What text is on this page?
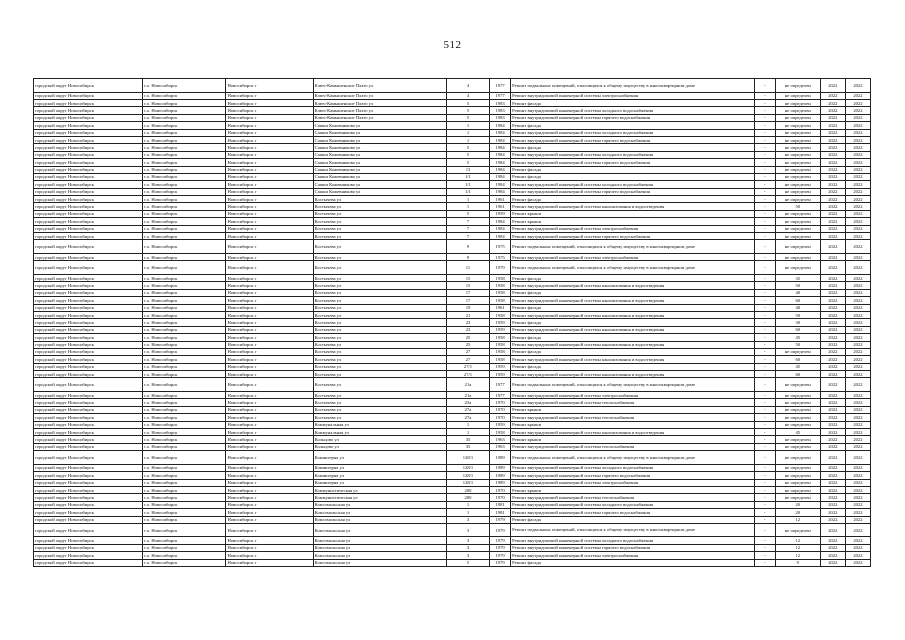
512
городской округ Новосибирск	г.о. Новосибирск	Новосибирск г	Ключ-Камышенское Плато ул	4	1977	Ремонт подвальных помещений, относящихся к общему имуществу в многоквартирном доме	-	не определен	2022	2022
городской округ Новосибирск	г.о. Новосибирск	Новосибирск г	Ключ-Камышенское Плато ул	4	1977	Ремонт внутридомовой инженерной системы электроснабжения	-	не определен	2022	2022
городской округ Новосибирск	г.о. Новосибирск	Новосибирск г	Ключ-Камышенское Плато ул	5	1983	Ремонт фасада	-	не определен	2022	2022
городской округ Новосибирск	г.о. Новосибирск	Новосибирск г	Ключ-Камышенское Плато ул	5	1983	Ремонт внутридомовой инженерной системы холодного водоснабжения	-	не определен	2022	2022
городской округ Новосибирск	г.о. Новосибирск	Новосибирск г	Ключ-Камышенское Плато ул	5	1983	Ремонт внутридомовой инженерной системы горячего водоснабжения	-	не определен	2022	2022
городской округ Новосибирск	г.о. Новосибирск	Новосибирск г	Сашки Кожевникова ул	1	1984	Ремонт фасада	-	не определен	2022	2022
городской округ Новосибирск	г.о. Новосибирск	Новосибирск г	Сашки Кожевникова ул	1	1984	Ремонт внутридомовой инженерной системы холодного водоснабжения	-	не определен	2022	2022
городской округ Новосибирск	г.о. Новосибирск	Новосибирск г	Сашки Кожевникова ул	1	1984	Ремонт внутридомовой инженерной системы горячего водоснабжения	-	не определен	2022	2022
городской округ Новосибирск	г.о. Новосибирск	Новосибирск г	Сашки Кожевникова ул	5	1984	Ремонт фасада	-	не определен	2022	2022
городской округ Новосибирск	г.о. Новосибирск	Новосибирск г	Сашки Кожевникова ул	5	1984	Ремонт внутридомовой инженерной системы холодного водоснабжения	-	не определен	2022	2022
городской округ Новосибирск	г.о. Новосибирск	Новосибирск г	Сашки Кожевникова ул	5	1984	Ремонт внутридомовой инженерной системы горячего водоснабжения	-	не определен	2022	2022
городской округ Новосибирск	г.о. Новосибирск	Новосибирск г	Сашки Кожевникова ул	13	1984	Ремонт фасада	-	не определен	2022	2022
городской округ Новосибирск	г.о. Новосибирск	Новосибирск г	Сашки Кожевникова ул	1/1	1984	Ремонт фасада	-	не определен	2022	2022
городской округ Новосибирск	г.о. Новосибирск	Новосибирск г	Сашки Кожевникова ул	1/1	1984	Ремонт внутридомовой инженерной системы холодного водоснабжения	-	не определен	2022	2022
городской округ Новосибирск	г.о. Новосибирск	Новосибирск г	Сашки Кожевникова ул	1/1	1984	Ремонт внутридомовой инженерной системы горячего водоснабжения	-	не определен	2022	2022
городской округ Новосибирск	г.о. Новосибирск	Новосибирск г	Костычева ул	1	1961	Ремонт фасада	-	не определен	2022	2022
городской округ Новосибирск	г.о. Новосибирск	Новосибирск г	Костычева ул	1	1961	Ремонт внутридомовой инженерной системы канализования и водоотведения	-	50	2022	2022
городской округ Новосибирск	г.о. Новосибирск	Новосибирск г	Костычева ул	5	1959	Ремонт крыши	-	не определен	2022	2022
городской округ Новосибирск	г.о. Новосибирск	Новосибирск г	Костычева ул	7	1984	Ремонт крыши	-	не определен	2022	2022
городской округ Новосибирск	г.о. Новосибирск	Новосибирск г	Костычева ул	7	1984	Ремонт внутридомовой инженерной системы электроснабжения	-	не определен	2022	2022
городской округ Новосибирск	г.о. Новосибирск	Новосибирск г	Костычева ул	7	1984	Ремонт внутридомовой инженерной системы горячего водоснабжения	-	не определен	2022	2022
городской округ Новосибирск	г.о. Новосибирск	Новосибирск г	Костычева ул	9	1975	Ремонт подвальных помещений, относящихся к общему имуществу в многоквартирном доме	-	не определен	2022	2022
городской округ Новосибирск	г.о. Новосибирск	Новосибирск г	Костычева ул	9	1975	Ремонт внутридомовой инженерной системы электроснабжения	-	не определен	2022	2022
городской округ Новосибирск	г.о. Новосибирск	Новосибирск г	Костычева ул	11	1979	Ремонт подвальных помещений, относящихся к общему имуществу в многоквартирном доме	-	не определен	2022	2022
городской округ Новосибирск	г.о. Новосибирск	Новосибирск г	Костычева ул	15	1958	Ремонт фасада	-	35	2022	2022
городской округ Новосибирск	г.о. Новосибирск	Новосибирск г	Костычева ул	15	1958	Ремонт внутридомовой инженерной системы канализования и водоотведения	-	50	2022	2022
городской округ Новосибирск	г.о. Новосибирск	Новосибирск г	Костычева ул	17	1958	Ремонт фасада	-	40	2022	2022
городской округ Новосибирск	г.о. Новосибирск	Новосибирск г	Костычева ул	17	1958	Ремонт внутридомовой инженерной системы канализования и водоотведения	-	60	2022	2022
городской округ Новосибирск	г.о. Новосибирск	Новосибирск г	Костычева ул	19	1961	Ремонт фасада	-	40	2022	2022
городской округ Новосибирск	г.о. Новосибирск	Новосибирск г	Костычева ул	21	1958	Ремонт внутридомовой инженерной системы канализования и водоотведения	-	50	2022	2022
городской округ Новосибирск	г.о. Новосибирск	Новосибирск г	Костычева ул	23	1959	Ремонт фасада	-	30	2022	2022
городской округ Новосибирск	г.о. Новосибирск	Новосибирск г	Костычева ул	23	1959	Ремонт внутридомовой инженерной системы канализования и водоотведения	-	60	2022	2022
городской округ Новосибирск	г.о. Новосибирск	Новосибирск г	Костычева ул	25	1958	Ремонт фасада	-	45	2022	2022
городской округ Новосибирск	г.о. Новосибирск	Новосибирск г	Костычева ул	25	1958	Ремонт внутридомовой инженерной системы канализования и водоотведения	-	50	2022	2022
городской округ Новосибирск	г.о. Новосибирск	Новосибирск г	Костычева ул	27	1958	Ремонт фасада	-	не определен	2022	2022
городской округ Новосибирск	г.о. Новосибирск	Новосибирск г	Костычева ул	27	1958	Ремонт внутридомовой инженерной системы канализования и водоотведения	-	60	2022	2022
городской округ Новосибирск	г.о. Новосибирск	Новосибирск г	Костычева ул	27/1	1959	Ремонт фасада	-	45	2022	2022
городской округ Новосибирск	г.о. Новосибирск	Новосибирск г	Костычева ул	27/1	1959	Ремонт внутридомовой инженерной системы канализования и водоотведения	-	60	2022	2022
городской округ Новосибирск	г.о. Новосибирск	Новосибирск г	Костычева ул	21а	1977	Ремонт подвальных помещений, относящихся к общему имуществу в многоквартирном доме	-	не определен	2022	2022
городской округ Новосибирск	г.о. Новосибирск	Новосибирск г	Костычева ул	21а	1977	Ремонт внутридомовой инженерной системы электроснабжения	-	не определен	2022	2022
городской округ Новосибирск	г.о. Новосибирск	Новосибирск г	Костычева ул	25а	1970	Ремонт внутридомовой инженерной системы теплоснабжения	-	не определен	2022	2022
городской округ Новосибирск	г.о. Новосибирск	Новосибирск г	Костычева ул	27а	1970	Ремонт крыши	-	не определен	2022	2022
городской округ Новосибирск	г.о. Новосибирск	Новосибирск г	Костычева ул	27а	1970	Ремонт внутридомовой инженерной системы теплоснабжения	-	не определен	2022	2022
городской округ Новосибирск	г.о. Новосибирск	Новосибирск г	Коммунальная ул	1	1959	Ремонт крыши	-	не определен	2022	2022
городской округ Новосибирск	г.о. Новосибирск	Новосибирск г	Коммунальная ул	1	1958	Ремонт внутридомовой инженерной системы канализования и водоотведения	-	45	2022	2022
городской округ Новосибирск	г.о. Новосибирск	Новосибирск г	Кольцово ул	35	1963	Ремонт крыши	-	не определен	2022	2022
городской округ Новосибирск	г.о. Новосибирск	Новосибирск г	Кольцово ул	35	1963	Ремонт внутридомовой инженерной системы теплоснабжения	-	не определен	2022	2022
городской округ Новосибирск	г.о. Новосибирск	Новосибирск г	Коминтерна ул	128/1	1989	Ремонт подвальных помещений, относящихся к общему имуществу в многоквартирном доме	-	не определен	2022	2022
городской округ Новосибирск	г.о. Новосибирск	Новосибирск г	Коминтерна ул	128/1	1989	Ремонт внутридомовой инженерной системы холодного водоснабжения	-	не определен	2022	2022
городской округ Новосибирск	г.о. Новосибирск	Новосибирск г	Коминтерна ул	128/1	1989	Ремонт внутридомовой инженерной системы горячего водоснабжения	-	не определен	2022	2022
городской округ Новосибирск	г.о. Новосибирск	Новосибирск г	Коминтерна ул	128/1	1989	Ремонт внутридомовой инженерной системы электроснабжения	-	не определен	2022	2022
городской округ Новосибирск	г.о. Новосибирск	Новосибирск г	Коммунистическая ул	200	1970	Ремонт крыши	-	не определен	2022	2022
городской округ Новосибирск	г.о. Новосибирск	Новосибирск г	Коммунистическая ул	200	1970	Ремонт внутридомовой инженерной системы теплоснабжения	-	не определен	2022	2022
городской округ Новосибирск	г.о. Новосибирск	Новосибирск г	Комсомольская ул	1	1981	Ремонт внутридомовой инженерной системы холодного водоснабжения	-	20	2022	2022
городской округ Новосибирск	г.о. Новосибирск	Новосибирск г	Комсомольская ул	1	1981	Ремонт внутридомовой инженерной системы горячего водоснабжения	-	20	2022	2022
городской округ Новосибирск	г.о. Новосибирск	Новосибирск г	Комсомольская ул	3	1979	Ремонт фасада	-	12	2022	2022
городской округ Новосибирск	г.о. Новосибирск	Новосибирск г	Комсомольская ул	3	1979	Ремонт подвальных помещений, относящихся к общему имуществу в многоквартирном доме	-	не определен	2022	2022
городской округ Новосибирск	г.о. Новосибирск	Новосибирск г	Комсомольская ул	3	1979	Ремонт внутридомовой инженерной системы холодного водоснабжения	-	12	2022	2022
городской округ Новосибирск	г.о. Новосибирск	Новосибирск г	Комсомольская ул	3	1979	Ремонт внутридомовой инженерной системы горячего водоснабжения	-	12	2022	2022
городской округ Новосибирск	г.о. Новосибирск	Новосибирск г	Комсомольская ул	3	1979	Ремонт внутридомовой инженерной системы электроснабжения	-	12	2022	2022
городской округ Новосибирск	г.о. Новосибирск	Новосибирск г	Комсомольская ул	5	1979	Ремонт фасада	-	9	2022	2022
